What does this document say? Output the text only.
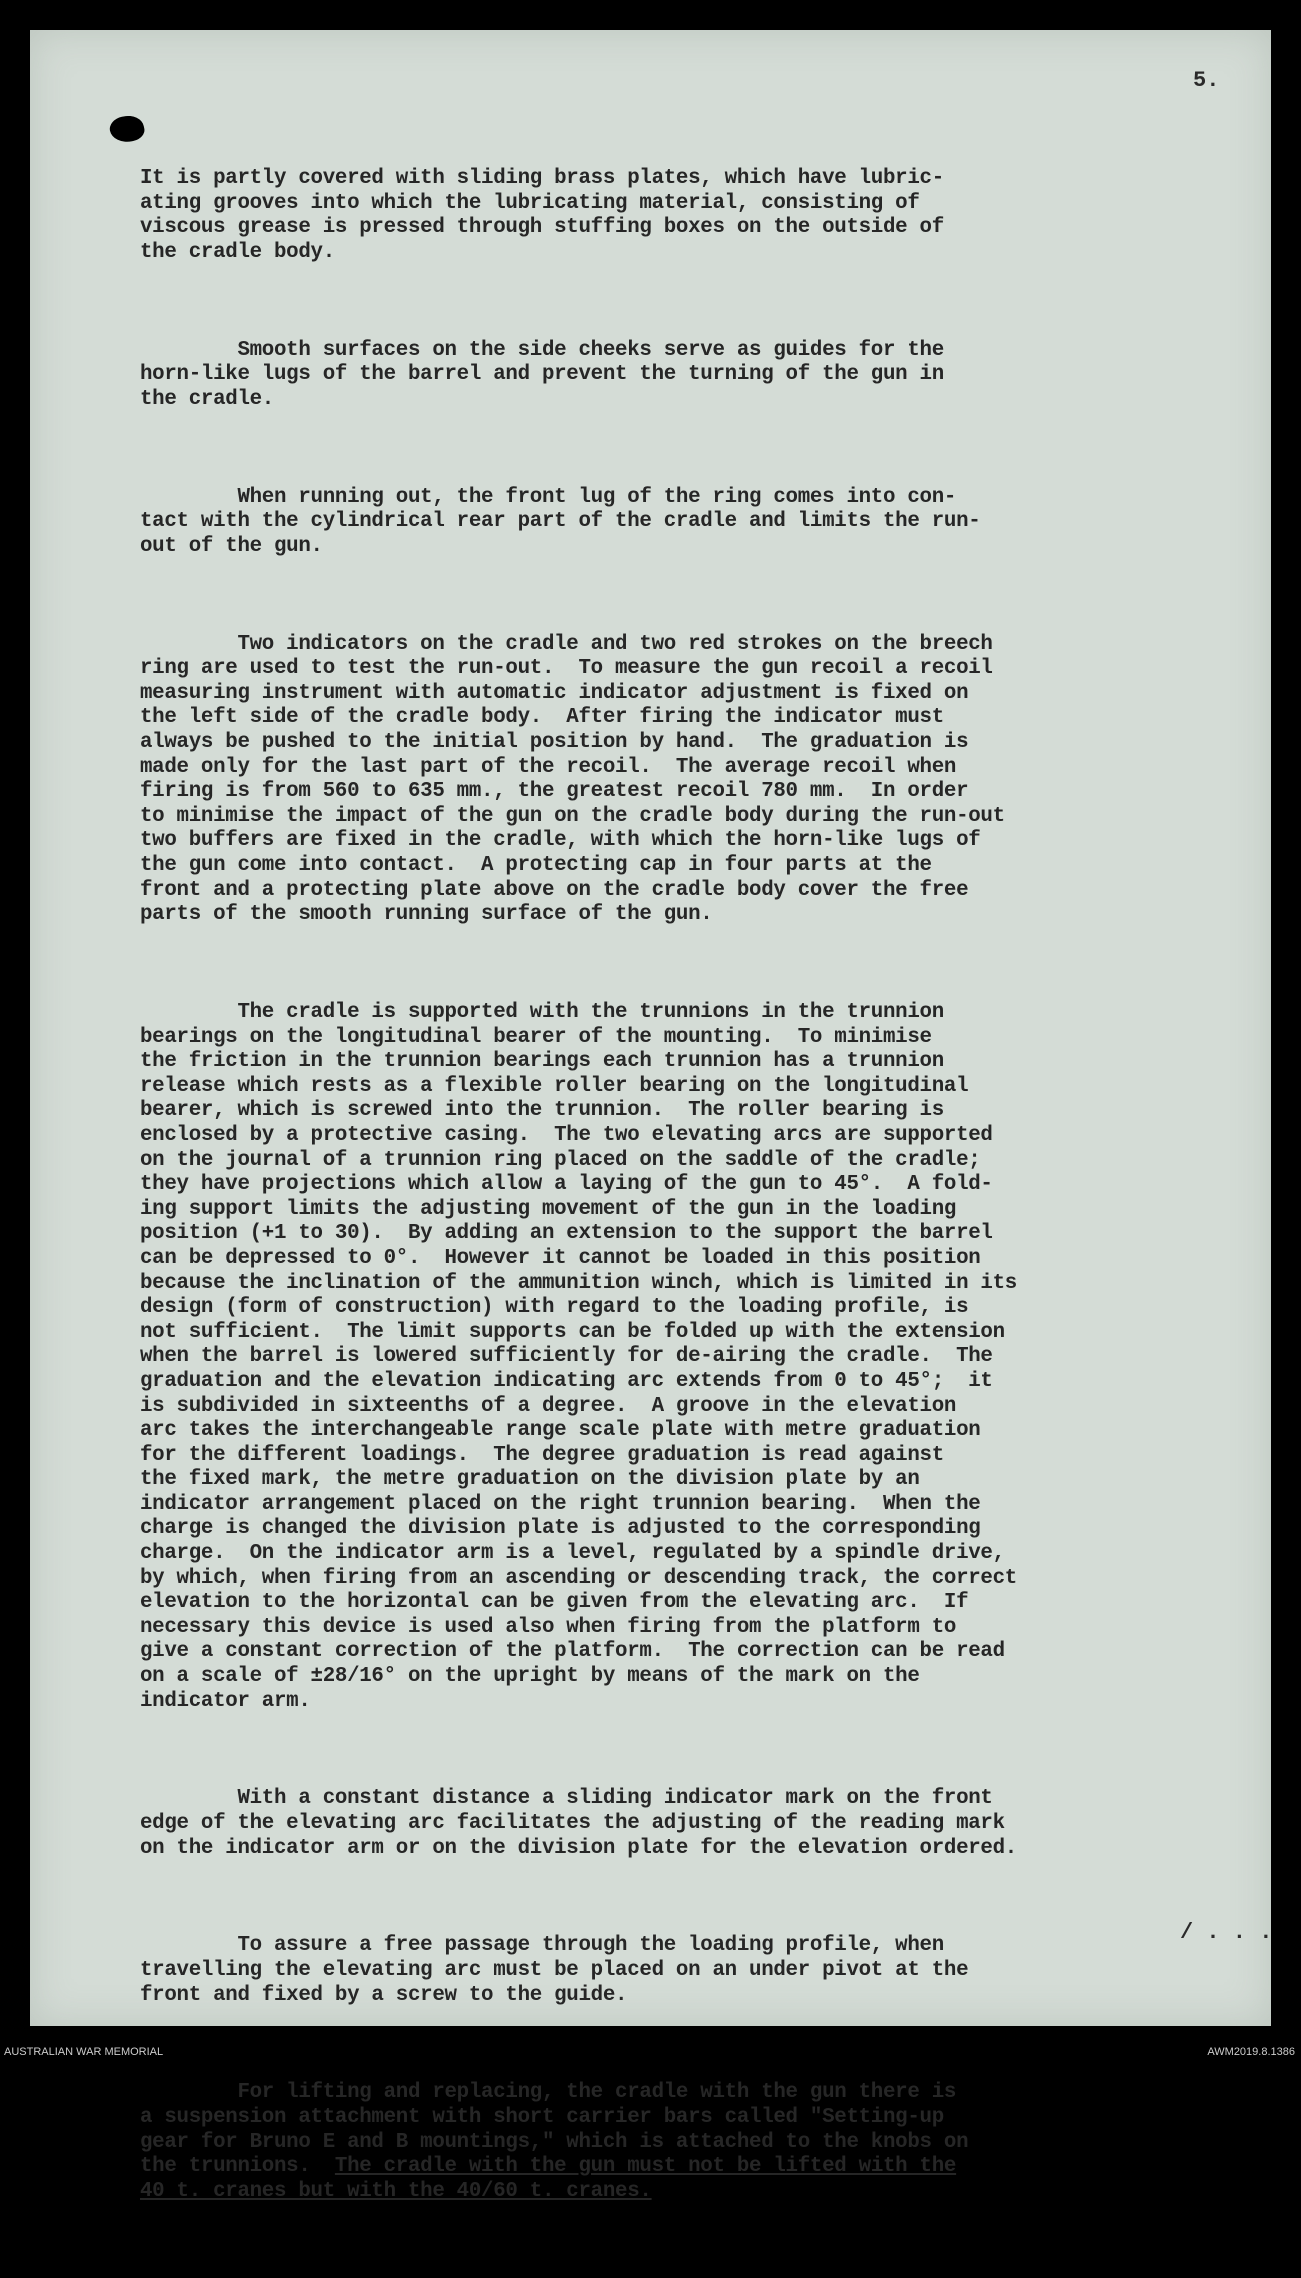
5.

It is partly covered with sliding brass plates, which have lubric-
ating grooves into which the lubricating material, consisting of
viscous grease is pressed through stuffing boxes on the outside of
the cradle body.

Smooth surfaces on the side cheeks serve as guides for the
horn-like lugs of the barrel and prevent the turning of the gun in
the cradle.

When running out, the front lug of the ring comes into con-
tact with the cylindrical rear part of the cradle and limits the run-
out of the gun.

Two indicators on the cradle and two red strokes on the breech
ring are used to test the run-out.  To measure the gun recoil a recoil
measuring instrument with automatic indicator adjustment is fixed on
the left side of the cradle body.  After firing the indicator must
always be pushed to the initial position by hand.  The graduation is
made only for the last part of the recoil.  The average recoil when
firing is from 560 to 635 mm., the greatest recoil 780 mm.  In order
to minimise the impact of the gun on the cradle body during the run-out
two buffers are fixed in the cradle, with which the horn-like lugs of
the gun come into contact.  A protecting cap in four parts at the
front and a protecting plate above on the cradle body cover the free
parts of the smooth running surface of the gun.

The cradle is supported with the trunnions in the trunnion
bearings on the longitudinal bearer of the mounting.  To minimise
the friction in the trunnion bearings each trunnion has a trunnion
release which rests as a flexible roller bearing on the longitudinal
bearer, which is screwed into the trunnion.  The roller bearing is
enclosed by a protective casing.  The two elevating arcs are supported
on the journal of a trunnion ring placed on the saddle of the cradle;
they have projections which allow a laying of the gun to 45°.  A fold-
ing support limits the adjusting movement of the gun in the loading
position (+1 to 30).  By adding an extension to the support the barrel
can be depressed to 0°.  However it cannot be loaded in this position
because the inclination of the ammunition winch, which is limited in its
design (form of construction) with regard to the loading profile, is
not sufficient.  The limit supports can be folded up with the extension
when the barrel is lowered sufficiently for de-airing the cradle.  The
graduation and the elevation indicating arc extends from 0 to 45°;  it
is subdivided in sixteenths of a degree.  A groove in the elevation
arc takes the interchangeable range scale plate with metre graduation
for the different loadings.  The degree graduation is read against
the fixed mark, the metre graduation on the division plate by an
indicator arrangement placed on the right trunnion bearing.  When the
charge is changed the division plate is adjusted to the corresponding
charge.  On the indicator arm is a level, regulated by a spindle drive,
by which, when firing from an ascending or descending track, the correct
elevation to the horizontal can be given from the elevating arc.  If
necessary this device is used also when firing from the platform to
give a constant correction of the platform.  The correction can be read
on a scale of ±28/16° on the upright by means of the mark on the
indicator arm.

With a constant distance a sliding indicator mark on the front
edge of the elevating arc facilitates the adjusting of the reading mark
on the indicator arm or on the division plate for the elevation ordered.

To assure a free passage through the loading profile, when
travelling the elevating arc must be placed on an under pivot at the
front and fixed by a screw to the guide.

For lifting and replacing, the cradle with the gun there is
a suspension attachment with short carrier bars called "Setting-up
gear for Bruno E and B mountings," which is attached to the knobs on
the trunnions.  The cradle with the gun must not be lifted with the
40 t. cranes but with the 40/60 t. cranes.

/ . . .
AUSTRALIAN WAR MEMORIAL	AWM2019.8.1386
